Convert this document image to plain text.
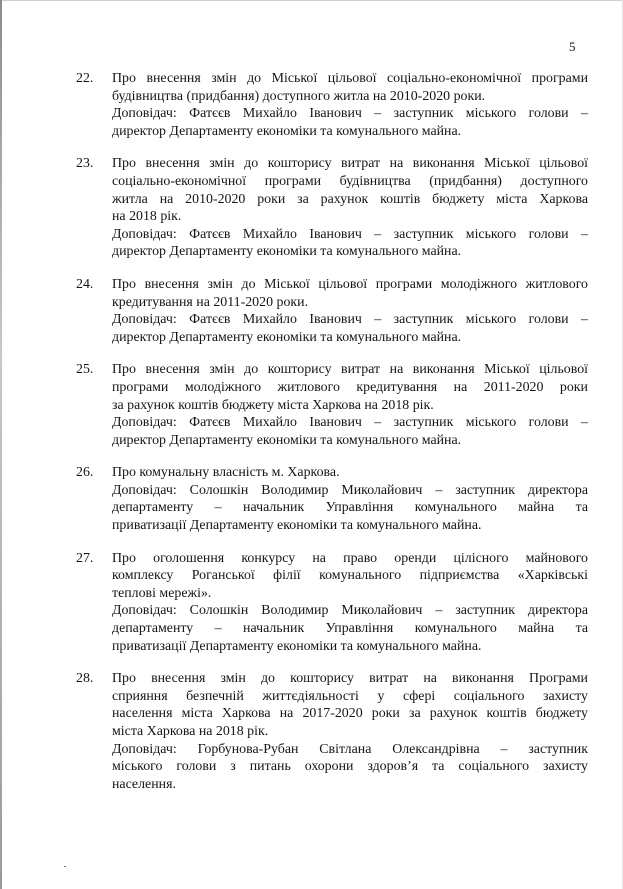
5
22. Про внесення змін до Міської цільової соціально-економічної програми
будівництва (придбання) доступного житла на 2010-2020 роки.
Доповідач: Фатєєв Михайло Іванович – заступник міського голови –
директор Департаменту економіки та комунального майна.
23. Про внесення змін до кошторису витрат на виконання Міської цільової
соціально-економічної програми будівництва (придбання) доступного
житла на 2010-2020 роки за рахунок коштів бюджету міста Харкова
на 2018 рік.
Доповідач: Фатєєв Михайло Іванович – заступник міського голови –
директор Департаменту економіки та комунального майна.
24. Про внесення змін до Міської цільової програми молодіжного житлового
кредитування на 2011-2020 роки.
Доповідач: Фатєєв Михайло Іванович – заступник міського голови –
директор Департаменту економіки та комунального майна.
25. Про внесення змін до кошторису витрат на виконання Міської цільової
програми молодіжного житлового кредитування на 2011-2020 роки
за рахунок коштів бюджету міста Харкова на 2018 рік.
Доповідач: Фатєєв Михайло Іванович – заступник міського голови –
директор Департаменту економіки та комунального майна.
26. Про комунальну власність м. Харкова.
Доповідач: Солошкін Володимир Миколайович – заступник директора
департаменту – начальник Управління комунального майна та
приватизації Департаменту економіки та комунального майна.
27. Про оголошення конкурсу на право оренди цілісного майнового
комплексу Роганської філії комунального підприємства «Харківські
теплові мережі».
Доповідач: Солошкін Володимир Миколайович – заступник директора
департаменту – начальник Управління комунального майна та
приватизації Департаменту економіки та комунального майна.
28. Про внесення змін до кошторису витрат на виконання Програми
сприяння безпечній життєдіяльності у сфері соціального захисту
населення міста Харкова на 2017-2020 роки за рахунок коштів бюджету
міста Харкова на 2018 рік.
Доповідач: Горбунова-Рубан Світлана Олександрівна – заступник
міського голови з питань охорони здоров’я та соціального захисту
населення.
